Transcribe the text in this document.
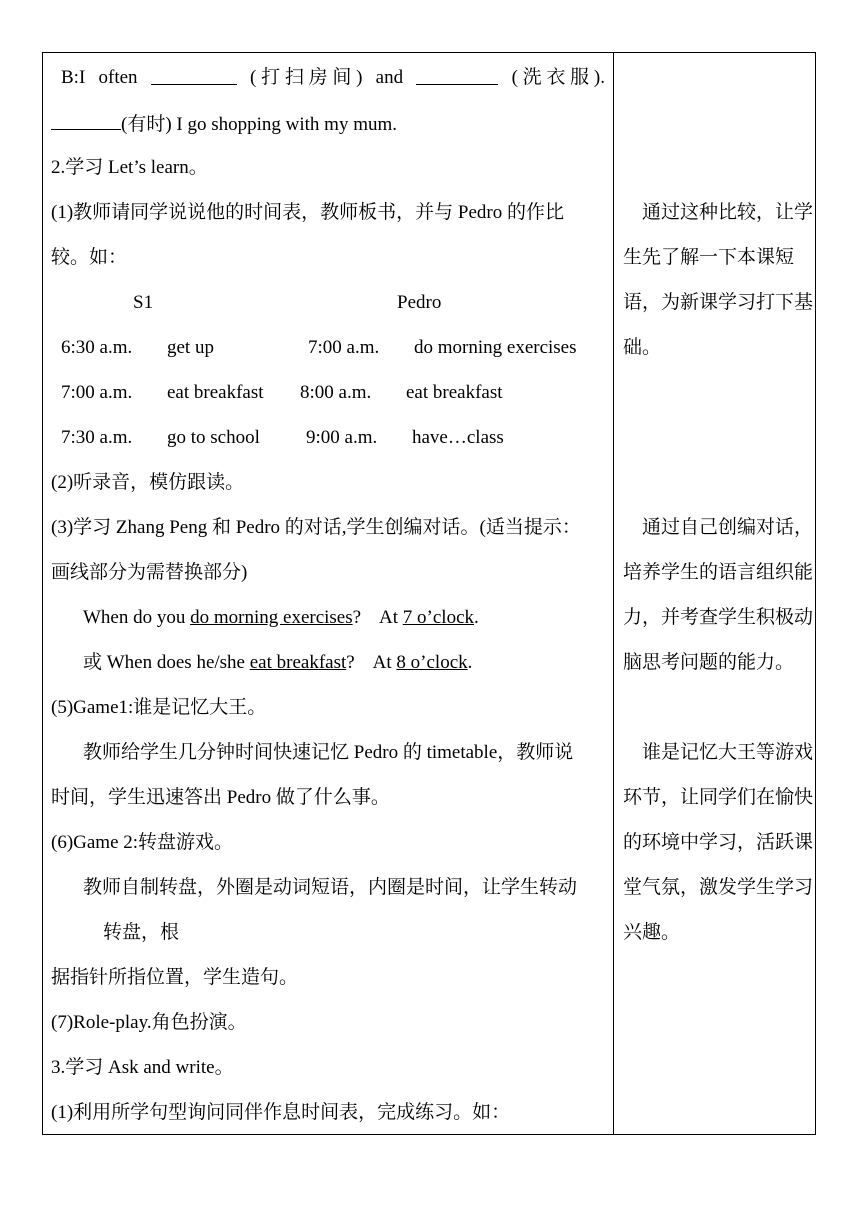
B:I often	( 打 扫 房 间 ) and	( 洗 衣 服 ).
(有时) I go shopping with my mum.
2.学习 Let’s learn。
(1)教师请同学说说他的时间表，教师板书，并与 Pedro 的作比
较。如：
S1	Pedro
6:30 a.m. get up	7:00 a.m. do morning exercises
7:00 a.m. eat breakfast 8:00 a.m. eat breakfast
7:30 a.m. go to school 9:00 a.m. have…class
(2)听录音，模仿跟读。
(3)学习 Zhang Peng 和 Pedro 的对话,学生创编对话。(适当提示：
画线部分为需替换部分)
When do you do morning exercises?    At 7 o’clock.
或 When does he/she eat breakfast?    At 8 o’clock.
(5)Game1:谁是记忆大王。
教师给学生几分钟时间快速记忆 Pedro 的 timetable，教师说
时间，学生迅速答出 Pedro 做了什么事。
(6)Game 2:转盘游戏。
教师自制转盘，外圈是动词短语，内圈是时间，让学生转动
转盘，根
据指针所指位置，学生造句。
(7)Role-play.角色扮演。
3.学习 Ask and write。
(1)利用所学句型询问同伴作息时间表，完成练习。如：
　通过这种比较，让学生先了解一下本课短语，为新课学习打下基础。
　通过自己创编对话，培养学生的语言组织能力，并考查学生积极动脑思考问题的能力。
　谁是记忆大王等游戏环节，让同学们在愉快的环境中学习，活跃课堂气氛，激发学生学习兴趣。
